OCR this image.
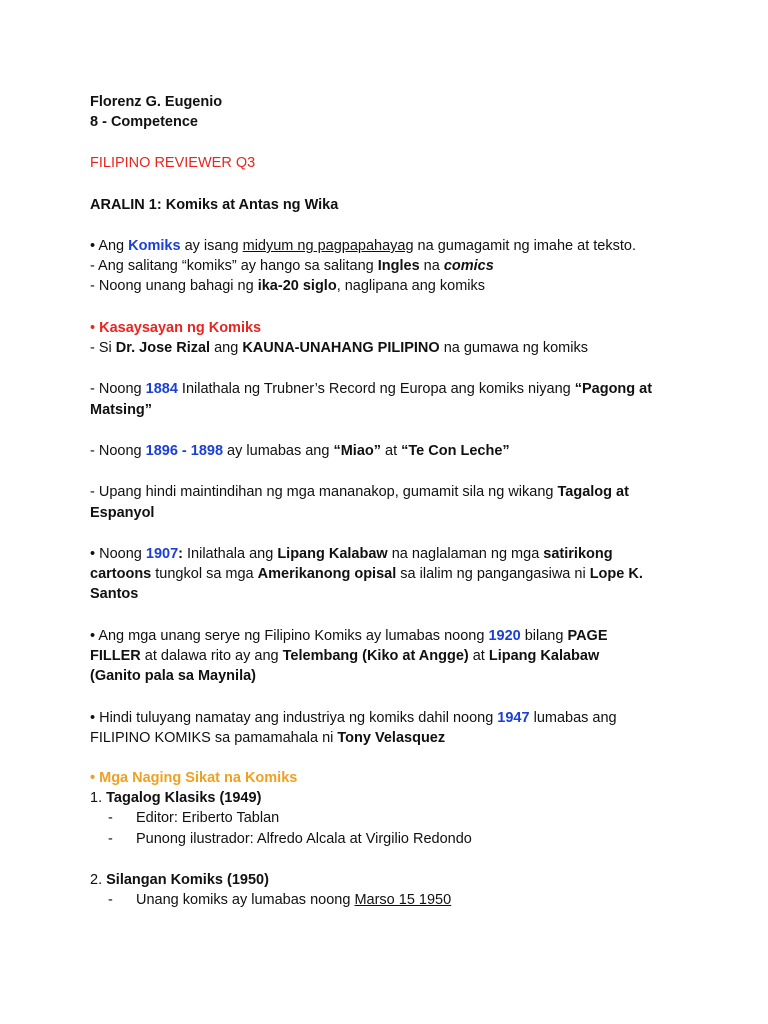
Florenz G. Eugenio
8 - Competence
FILIPINO REVIEWER Q3
ARALIN 1: Komiks at Antas ng Wika
• Ang Komiks ay isang midyum ng pagpapahayag na gumagamit ng imahe at teksto.
- Ang salitang “komiks” ay hango sa salitang Ingles na comics
- Noong unang bahagi ng ika-20 siglo, naglipana ang komiks
• Kasaysayan ng Komiks
- Si Dr. Jose Rizal ang KAUNA-UNAHANG PILIPINO na gumawa ng komiks
- Noong 1884 Inilathala ng Trubner’s Record ng Europa ang komiks niyang “Pagong at
Matsing”
- Noong 1896 - 1898 ay lumabas ang “Miao” at “Te Con Leche”
- Upang hindi maintindihan ng mga mananakop, gumamit sila ng wikang Tagalog at
Espanyol
• Noong 1907: Inilathala ang Lipang Kalabaw na naglalaman ng mga satirikong
cartoons tungkol sa mga Amerikanong opisal sa ilalim ng pangangasiwa ni Lope K.
Santos
• Ang mga unang serye ng Filipino Komiks ay lumabas noong 1920 bilang PAGE
FILLER at dalawa rito ay ang Telembang (Kiko at Angge) at Lipang Kalabaw
(Ganito pala sa Maynila)
• Hindi tuluyang namatay ang industriya ng komiks dahil noong 1947 lumabas ang
FILIPINO KOMIKS sa pamamahala ni Tony Velasquez
• Mga Naging Sikat na Komiks
1. Tagalog Klasiks (1949)
- Editor: Eriberto Tablan
- Punong ilustrador: Alfredo Alcala at Virgilio Redondo
2. Silangan Komiks (1950)
- Unang komiks ay lumabas noong Marso 15 1950
